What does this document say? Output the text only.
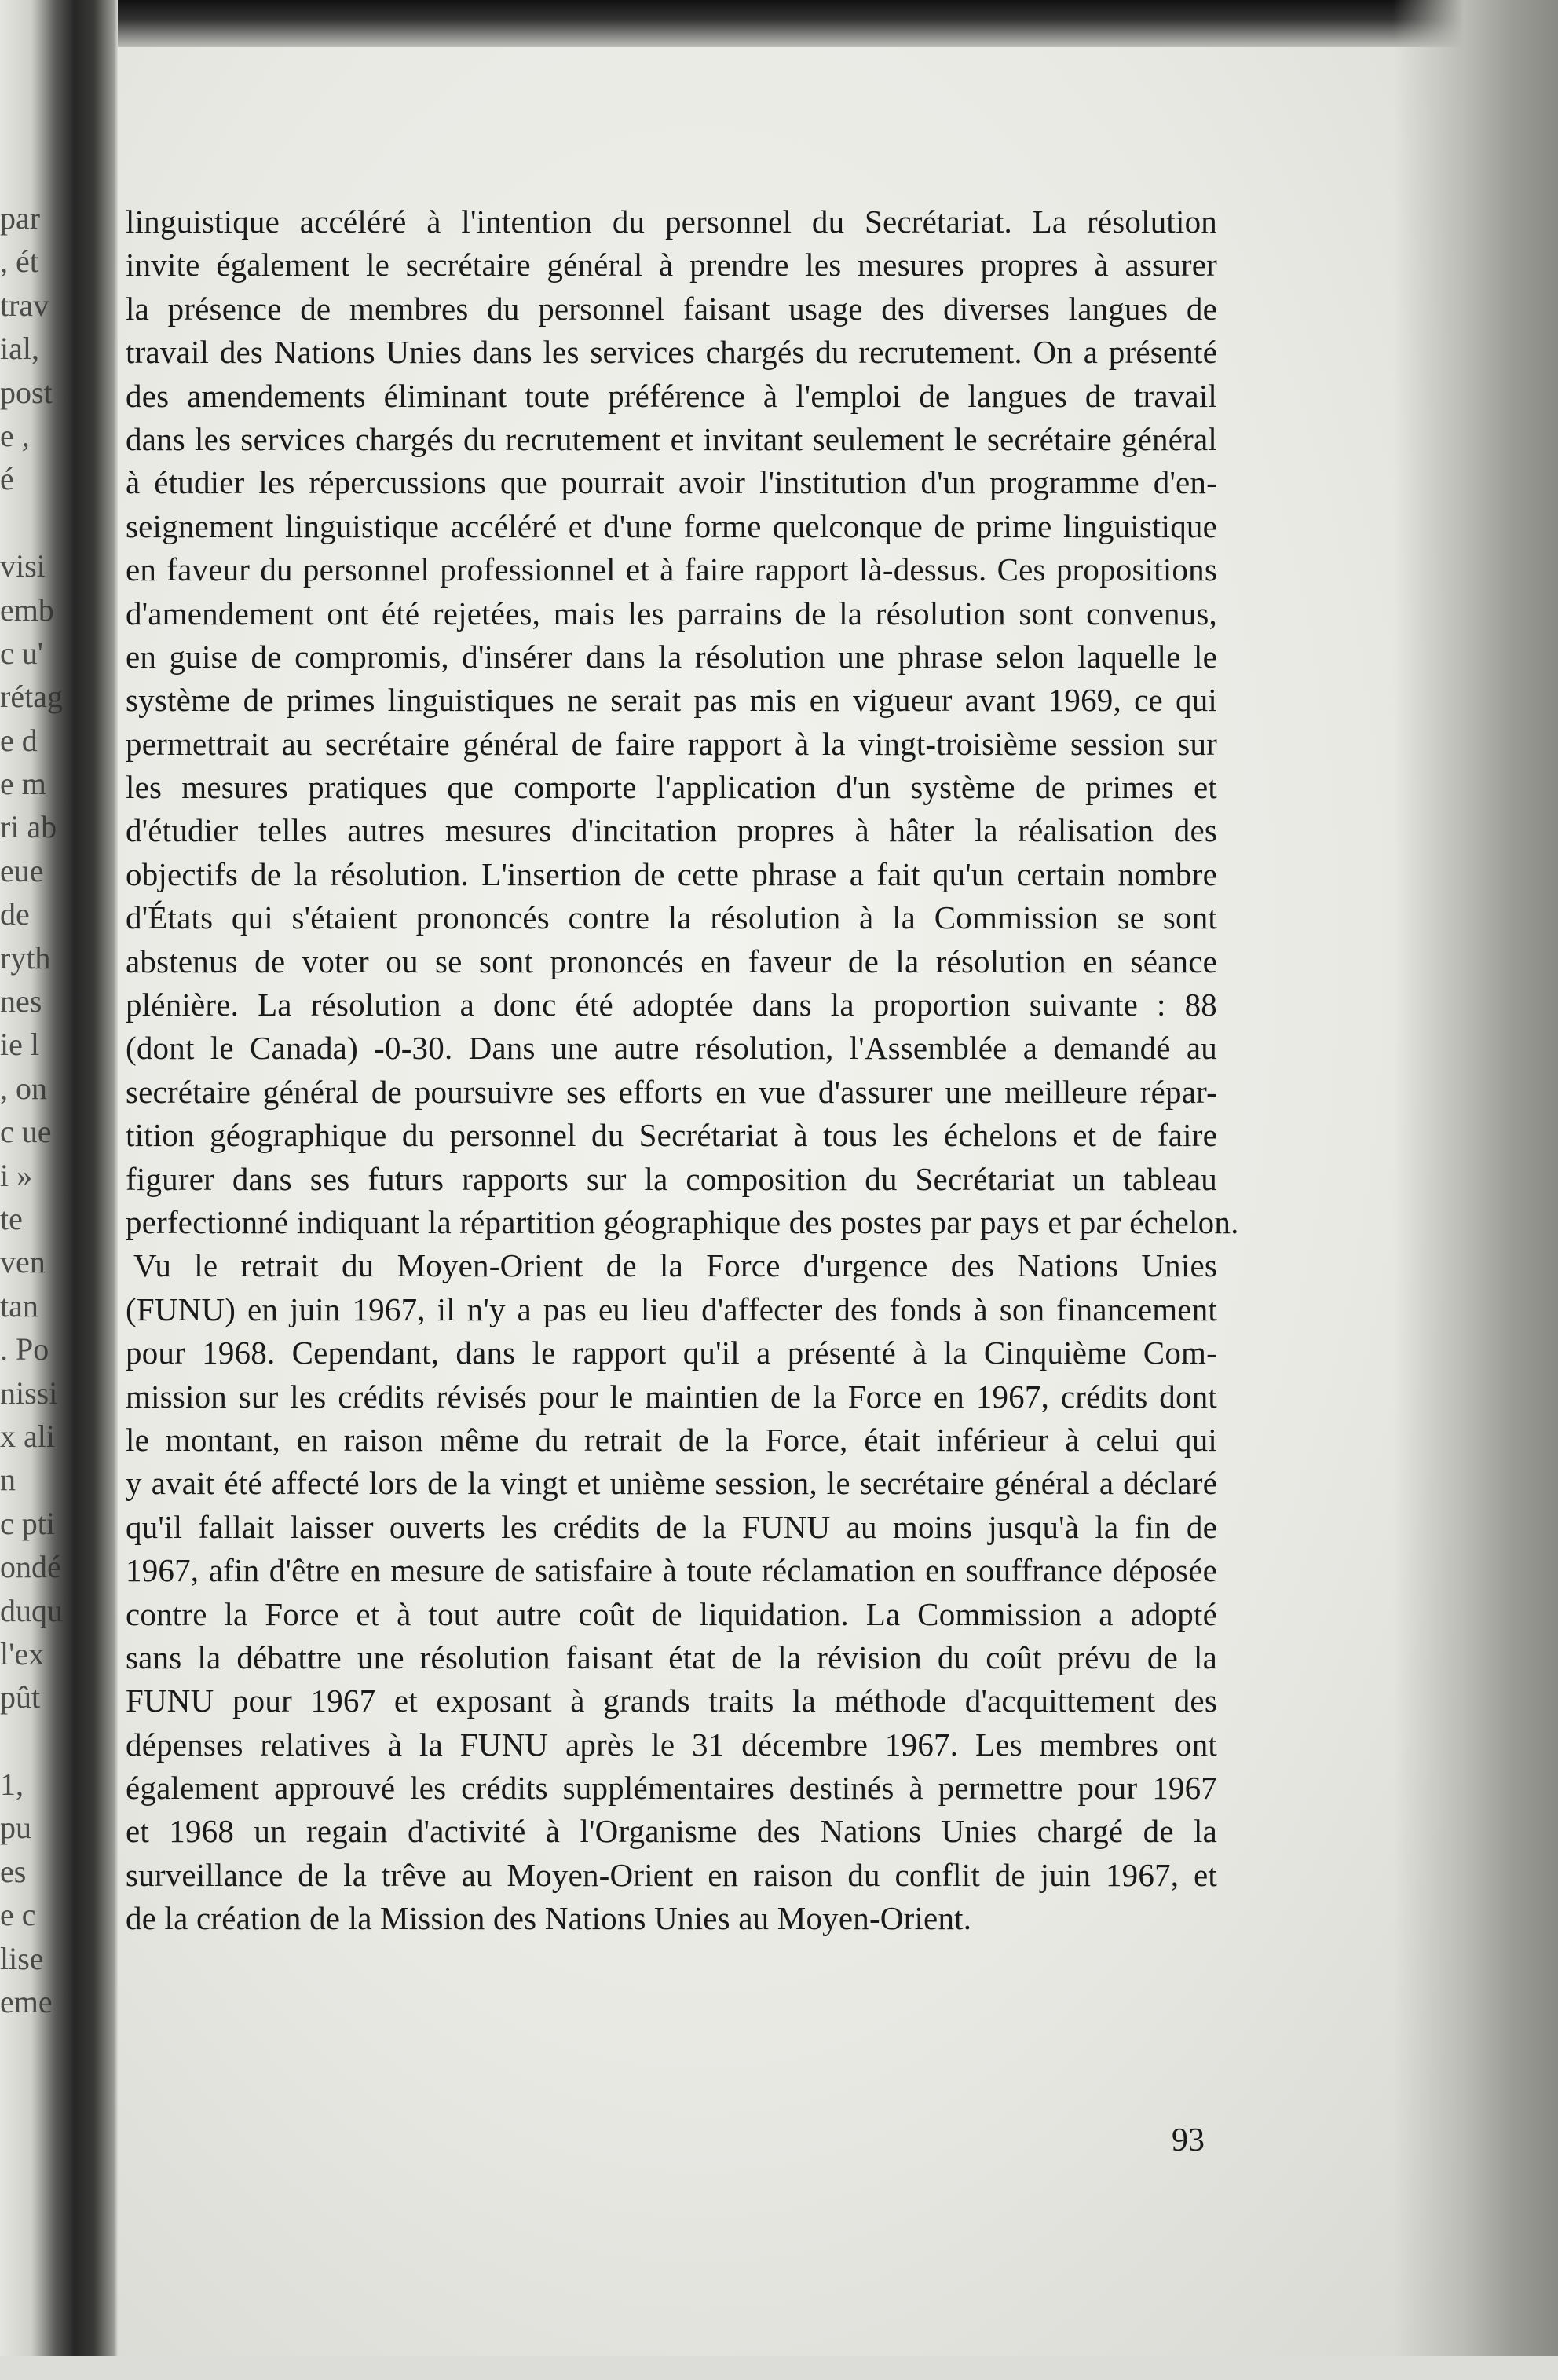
par
, ét
trav
ial,
post
e ,
é
visi
emb
c u'
rétag
e d
e m
ri ab
eue
de
ryth
nes
ie l
, on
c ue
i »
te
ven
tan
. Po
nissi
x ali
n
c pti
ondé
duqu
l'ex
pût
1,
pu
es
e c
lise
eme
linguistique accéléré à l'intention du personnel du Secrétariat. La résolution
invite également le secrétaire général à prendre les mesures propres à assurer
la présence de membres du personnel faisant usage des diverses langues de
travail des Nations Unies dans les services chargés du recrutement. On a présenté
des amendements éliminant toute préférence à l'emploi de langues de travail
dans les services chargés du recrutement et invitant seulement le secrétaire général
à étudier les répercussions que pourrait avoir l'institution d'un programme d'en-
seignement linguistique accéléré et d'une forme quelconque de prime linguistique
en faveur du personnel professionnel et à faire rapport là-dessus. Ces propositions
d'amendement ont été rejetées, mais les parrains de la résolution sont convenus,
en guise de compromis, d'insérer dans la résolution une phrase selon laquelle le
système de primes linguistiques ne serait pas mis en vigueur avant 1969, ce qui
permettrait au secrétaire général de faire rapport à la vingt-troisième session sur
les mesures pratiques que comporte l'application d'un système de primes et
d'étudier telles autres mesures d'incitation propres à hâter la réalisation des
objectifs de la résolution. L'insertion de cette phrase a fait qu'un certain nombre
d'États qui s'étaient prononcés contre la résolution à la Commission se sont
abstenus de voter ou se sont prononcés en faveur de la résolution en séance
plénière. La résolution a donc été adoptée dans la proportion suivante : 88
(dont le Canada) -0-30. Dans une autre résolution, l'Assemblée a demandé au
secrétaire général de poursuivre ses efforts en vue d'assurer une meilleure répar-
tition géographique du personnel du Secrétariat à tous les échelons et de faire
figurer dans ses futurs rapports sur la composition du Secrétariat un tableau
perfectionné indiquant la répartition géographique des postes par pays et par échelon.
Vu le retrait du Moyen-Orient de la Force d'urgence des Nations Unies
(FUNU) en juin 1967, il n'y a pas eu lieu d'affecter des fonds à son financement
pour 1968. Cependant, dans le rapport qu'il a présenté à la Cinquième Com-
mission sur les crédits révisés pour le maintien de la Force en 1967, crédits dont
le montant, en raison même du retrait de la Force, était inférieur à celui qui
y avait été affecté lors de la vingt et unième session, le secrétaire général a déclaré
qu'il fallait laisser ouverts les crédits de la FUNU au moins jusqu'à la fin de
1967, afin d'être en mesure de satisfaire à toute réclamation en souffrance déposée
contre la Force et à tout autre coût de liquidation. La Commission a adopté
sans la débattre une résolution faisant état de la révision du coût prévu de la
FUNU pour 1967 et exposant à grands traits la méthode d'acquittement des
dépenses relatives à la FUNU après le 31 décembre 1967. Les membres ont
également approuvé les crédits supplémentaires destinés à permettre pour 1967
et 1968 un regain d'activité à l'Organisme des Nations Unies chargé de la
surveillance de la trêve au Moyen-Orient en raison du conflit de juin 1967, et
de la création de la Mission des Nations Unies au Moyen-Orient.
93
